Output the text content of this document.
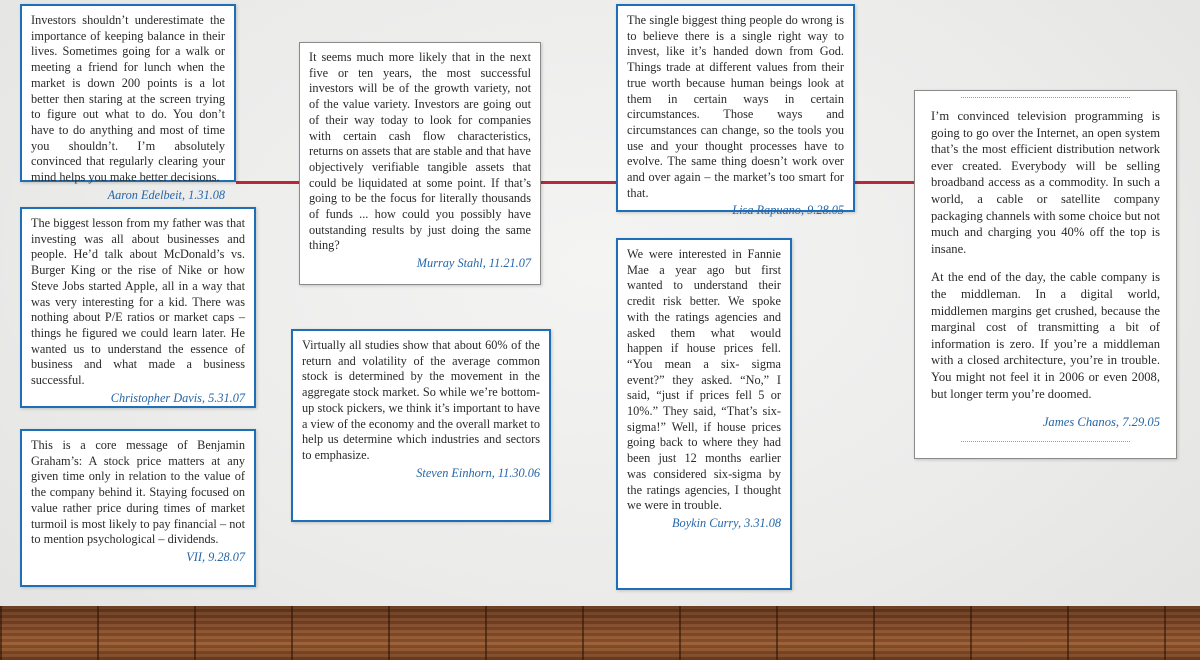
Investors shouldn’t underestimate the importance of keeping balance in their lives. Sometimes going for a walk or meeting a friend for lunch when the market is down 200 points is a lot better then staring at the screen trying to figure out what to do. You don’t have to do anything and most of time you shouldn’t. I’m absolutely convinced that regularly clearing your mind helps you make better decisions.

Aaron Edelbeit, 1.31.08

The biggest lesson from my father was that investing was all about businesses and people. He’d talk about McDonald’s vs. Burger King or the rise of Nike or how Steve Jobs started Apple, all in a way that was very interesting for a kid. There was nothing about P/E ratios or market caps – things he figured we could learn later. He wanted us to understand the essence of business and what made a business successful.

Christopher Davis, 5.31.07

This is a core message of Benjamin Graham’s: A stock price matters at any given time only in relation to the value of the company behind it. Staying focused on value rather price during times of market turmoil is most likely to pay financial – not to mention psychological – dividends.

VII, 9.28.07

It seems much more likely that in the next five or ten years, the most successful investors will be of the growth variety, not of the value variety. Investors are going out of their way today to look for companies with certain cash flow characteristics, returns on assets that are stable and that have objectively verifiable tangible assets that could be liquidated at some point. If that’s going to be the focus for literally thousands of funds ... how could you possibly have outstanding results by just doing the same thing?

Murray Stahl, 11.21.07

Virtually all studies show that about 60% of the return and volatility of the average common stock is determined by the movement in the aggregate stock market. So while we’re bottom-up stock pickers, we think it’s important to have a view of the economy and the overall market to help us determine which industries and sectors to emphasize.

Steven Einhorn, 11.30.06

The single biggest thing people do wrong is to believe there is a single right way to invest, like it’s handed down from God. Things trade at different values from their true worth because human beings look at them in certain ways in certain circumstances. Those ways and circumstances can change, so the tools you use and your thought processes have to evolve. The same thing doesn’t work over and over again – the market’s too smart for that.

Lisa Rapuano, 9.28.05

We were interested in Fannie Mae a year ago but first wanted to understand their credit risk better. We spoke with the ratings agencies and asked them what would happen if house prices fell. “You mean a six- sigma event?” they asked. “No,” I said, “just if prices fell 5 or 10%.” They said, “That’s six-sigma!” Well, if house prices going back to where they had been just 12 months earlier was considered six-sigma by the ratings agencies, I thought we were in trouble.

Boykin Curry, 3.31.08

I’m convinced television programming is going to go over the Internet, an open system that’s the most efficient distribution network ever created. Everybody will be selling broadband access as a commodity. In such a world, a cable or satellite company packaging channels with some choice but not much and charging you 40% off the top is insane.

At the end of the day, the cable company is the middleman. In a digital world, middlemen margins get crushed, because the marginal cost of transmitting a bit of information is zero. If you’re a middleman with a closed architecture, you’re in trouble. You might not feel it in 2006 or even 2008, but longer term you’re doomed.

James Chanos, 7.29.05
